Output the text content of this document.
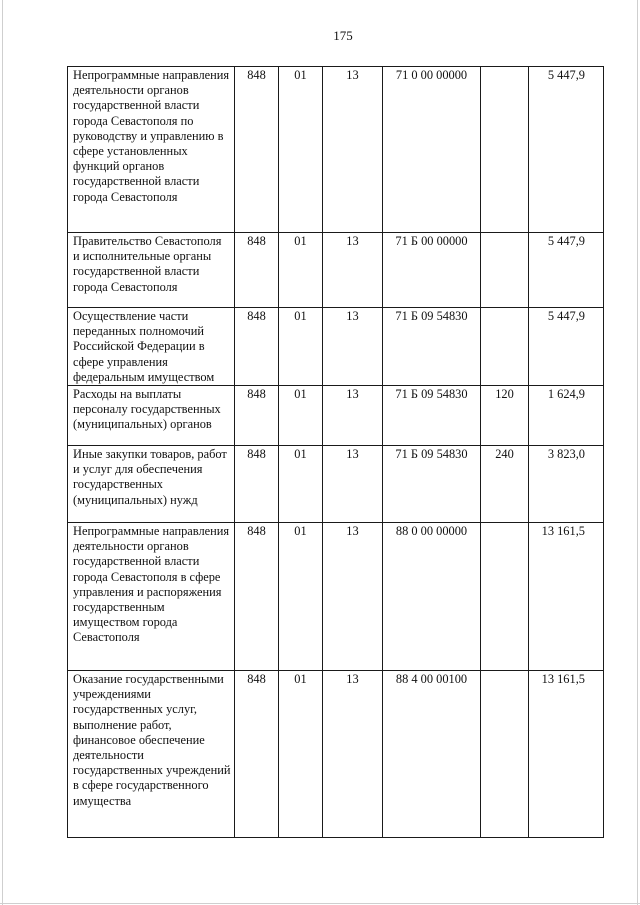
175
Непрограммные направления деятельности органов государственной власти города Севастополя по руководству и управлению в сфере установленных функций органов государственной власти города Севастополя	848	01	13	71 0 00 00000		5 447,9
Правительство Севастополя и исполнительные органы государственной власти города Севастополя	848	01	13	71 Б 00 00000		5 447,9
Осуществление части переданных полномочий Российской Федерации в сфере управления федеральным имуществом	848	01	13	71 Б 09 54830		5 447,9
Расходы на выплаты персоналу государственных (муниципальных) органов	848	01	13	71 Б 09 54830	120	1 624,9
Иные закупки товаров, работ и услуг для обеспечения государственных (муниципальных) нужд	848	01	13	71 Б 09 54830	240	3 823,0
Непрограммные направления деятельности органов государственной власти города Севастополя в сфере управления и распоряжения государственным имуществом города Севастополя	848	01	13	88 0 00 00000		13 161,5
Оказание государственными учреждениями государственных услуг, выполнение работ, финансовое обеспечение деятельности государственных учреждений в сфере государственного имущества	848	01	13	88 4 00 00100		13 161,5
